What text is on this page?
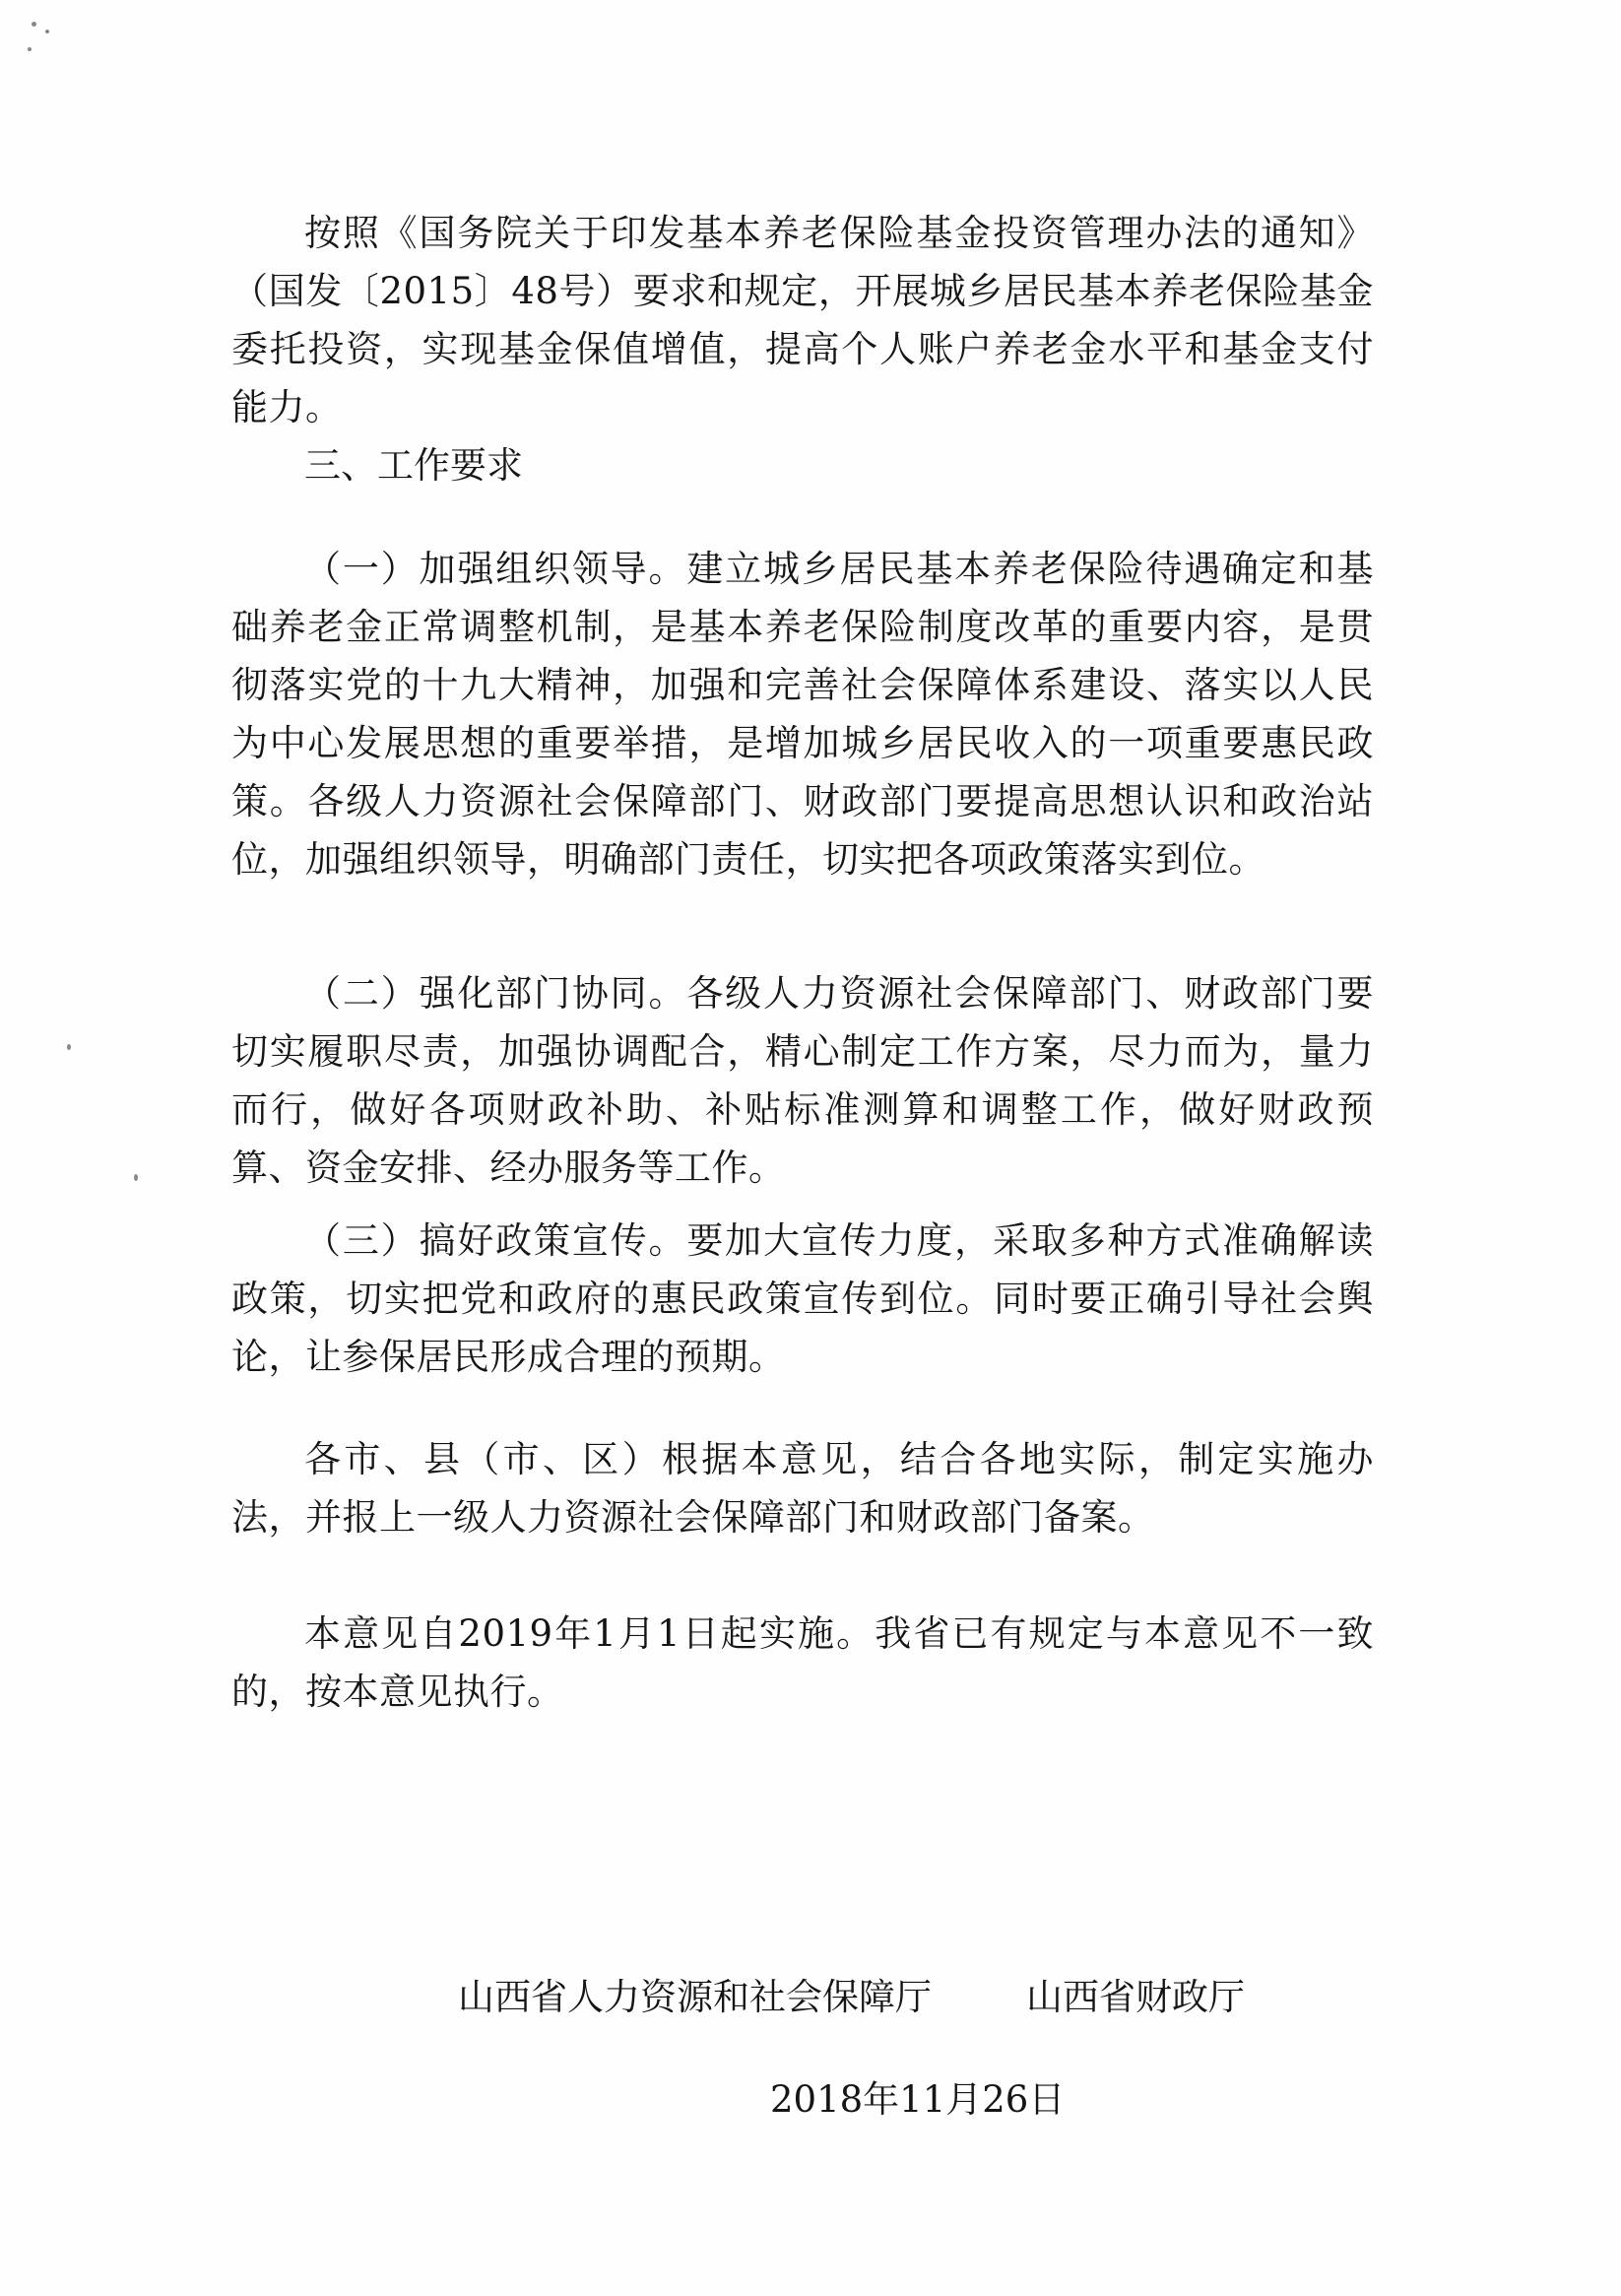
按照《国务院关于印发基本养老保险基金投资管理办法的通知》（国发〔2015〕48号）要求和规定，开展城乡居民基本养老保险基金委托投资，实现基金保值增值，提高个人账户养老金水平和基金支付能力。

三、工作要求

（一）加强组织领导。建立城乡居民基本养老保险待遇确定和基础养老金正常调整机制，是基本养老保险制度改革的重要内容，是贯彻落实党的十九大精神，加强和完善社会保障体系建设、落实以人民为中心发展思想的重要举措，是增加城乡居民收入的一项重要惠民政策。各级人力资源社会保障部门、财政部门要提高思想认识和政治站位，加强组织领导，明确部门责任，切实把各项政策落实到位。

（二）强化部门协同。各级人力资源社会保障部门、财政部门要切实履职尽责，加强协调配合，精心制定工作方案，尽力而为，量力而行，做好各项财政补助、补贴标准测算和调整工作，做好财政预算、资金安排、经办服务等工作。

（三）搞好政策宣传。要加大宣传力度，采取多种方式准确解读政策，切实把党和政府的惠民政策宣传到位。同时要正确引导社会舆论，让参保居民形成合理的预期。

各市、县（市、区）根据本意见，结合各地实际，制定实施办法，并报上一级人力资源社会保障部门和财政部门备案。

本意见自2019年1月1日起实施。我省已有规定与本意见不一致的，按本意见执行。

山西省人力资源和社会保障厅	山西省财政厅
2018年11月26日
